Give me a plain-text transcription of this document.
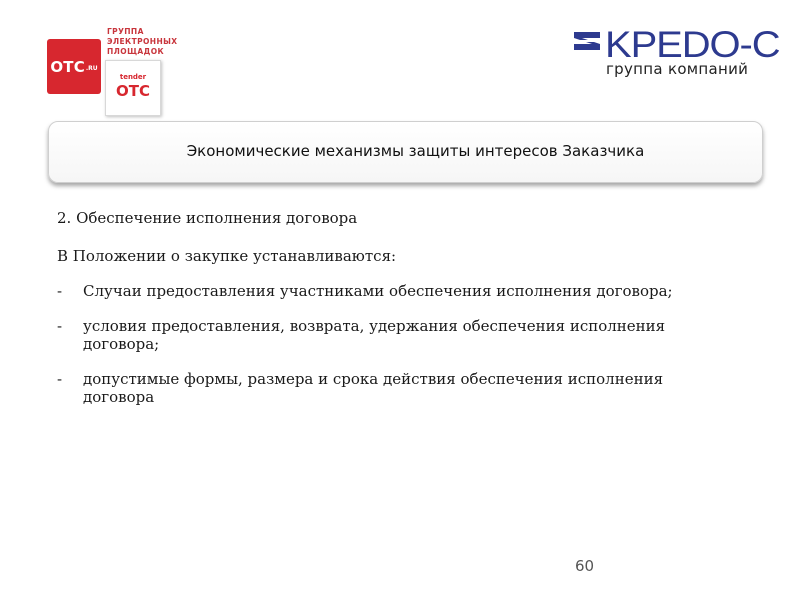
OTC .RU
ГРУППА
ЭЛЕКТРОННЫХ
ПЛОЩАДОК
tender
OTC
KPEDO-C
группа компаний
Экономические механизмы защиты интересов Заказчика
2. Обеспечение исполнения договора
В Положении о закупке устанавливаются:
- Случаи предоставления участниками обеспечения исполнения договора;
- условия предоставления, возврата, удержания обеспечения исполнения договора;
- допустимые формы, размера и срока действия обеспечения исполнения договора
60
